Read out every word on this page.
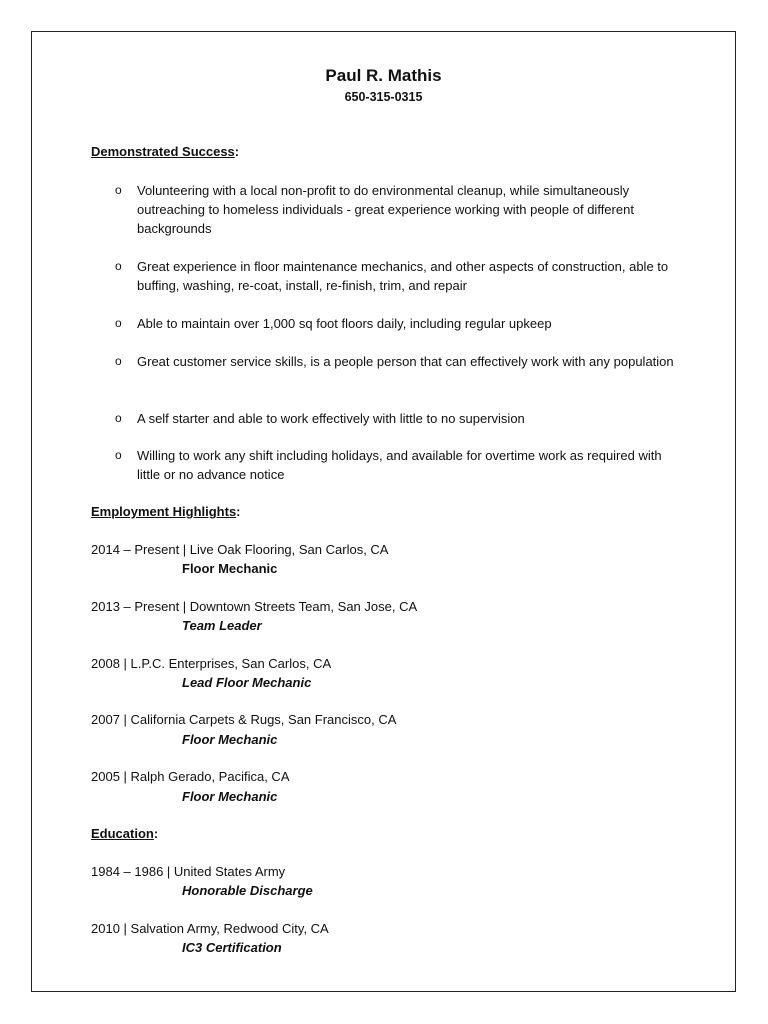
Paul R. Mathis
650-315-0315
Demonstrated Success:
o Volunteering with a local non-profit to do environmental cleanup, while simultaneously outreaching to homeless individuals - great experience working with people of different backgrounds
o Great experience in floor maintenance mechanics, and other aspects of construction, able to buffing, washing, re-coat, install, re-finish, trim, and repair
o Able to maintain over 1,000 sq foot floors daily, including regular upkeep
o Great customer service skills, is a people person that can effectively work with any population
o A self starter and able to work effectively with little to no supervision
o Willing to work any shift including holidays, and available for overtime work as required with little or no advance notice
Employment Highlights:
2014 – Present | Live Oak Flooring, San Carlos, CA
Floor Mechanic
2013 – Present | Downtown Streets Team, San Jose, CA
Team Leader
2008 | L.P.C. Enterprises, San Carlos, CA
Lead Floor Mechanic
2007 | California Carpets & Rugs, San Francisco, CA
Floor Mechanic
2005 | Ralph Gerado, Pacifica, CA
Floor Mechanic
Education:
1984 – 1986 | United States Army
Honorable Discharge
2010 | Salvation Army, Redwood City, CA
IC3 Certification
